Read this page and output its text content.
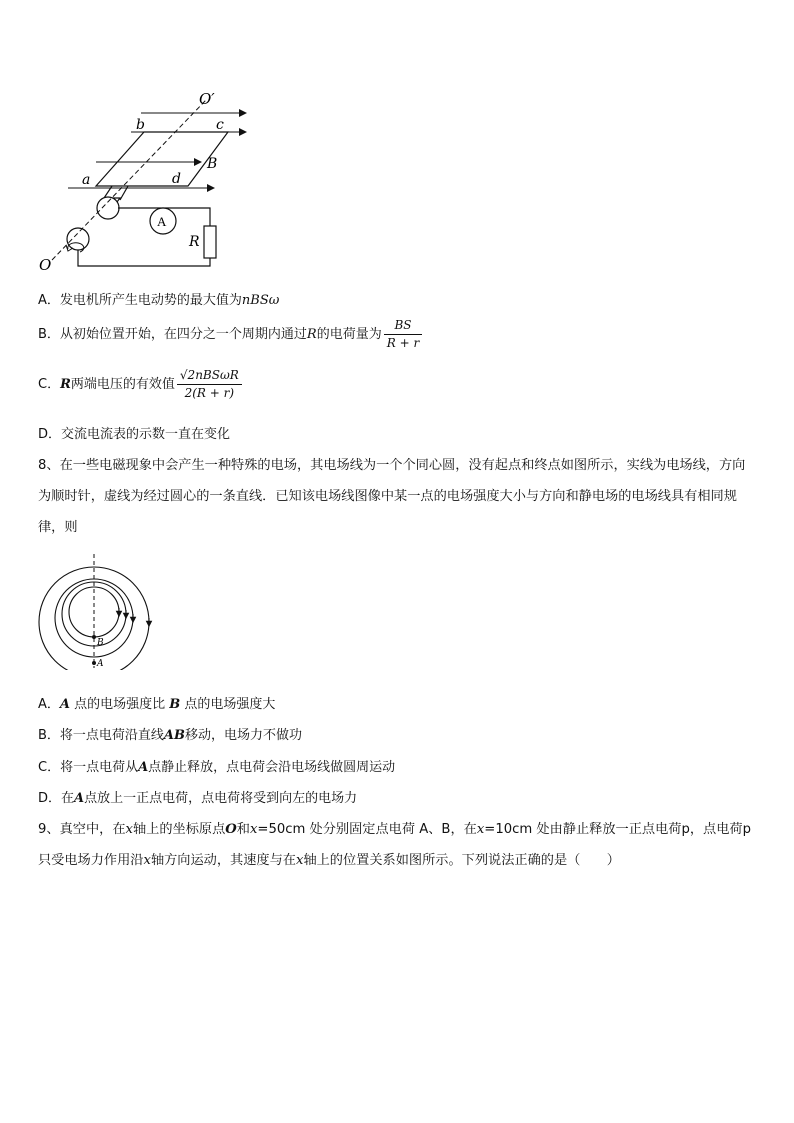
O′
b	c
B
a	d
A
R
O
A．发电机所产生电动势的最大值为nBSω
B．从初始位置开始，在四分之一个周期内通过R的电荷量为 $\frac{BS}{R + r}$
C．R两端电压的有效值 $\frac{\text{√2nBSωR}}{2(R + r)}$
D．交流电流表的示数一直在变化
8、在一些电磁现象中会产生一种特殊的电场，其电场线为一个个同心圆，没有起点和终点如图所示，实线为电场线，方向为顺时针，虚线为经过圆心的一条直线．已知该电场线图像中某一点的电场强度大小与方向和静电场的电场线具有相同规律，则
B
A
A．A 点的电场强度比 B 点的电场强度大
B．将一点电荷沿直线AB移动，电场力不做功
C．将一点电荷从A点静止释放，点电荷会沿电场线做圆周运动
D．在A点放上一正点电荷，点电荷将受到向左的电场力
9、真空中，在x轴上的坐标原点O和x=50cm 处分别固定点电荷 A、B，在x=10cm 处由静止释放一正点电荷p，点电荷p 只受电场力作用沿x轴方向运动，其速度与在x轴上的位置关系如图所示。下列说法正确的是（　　）
